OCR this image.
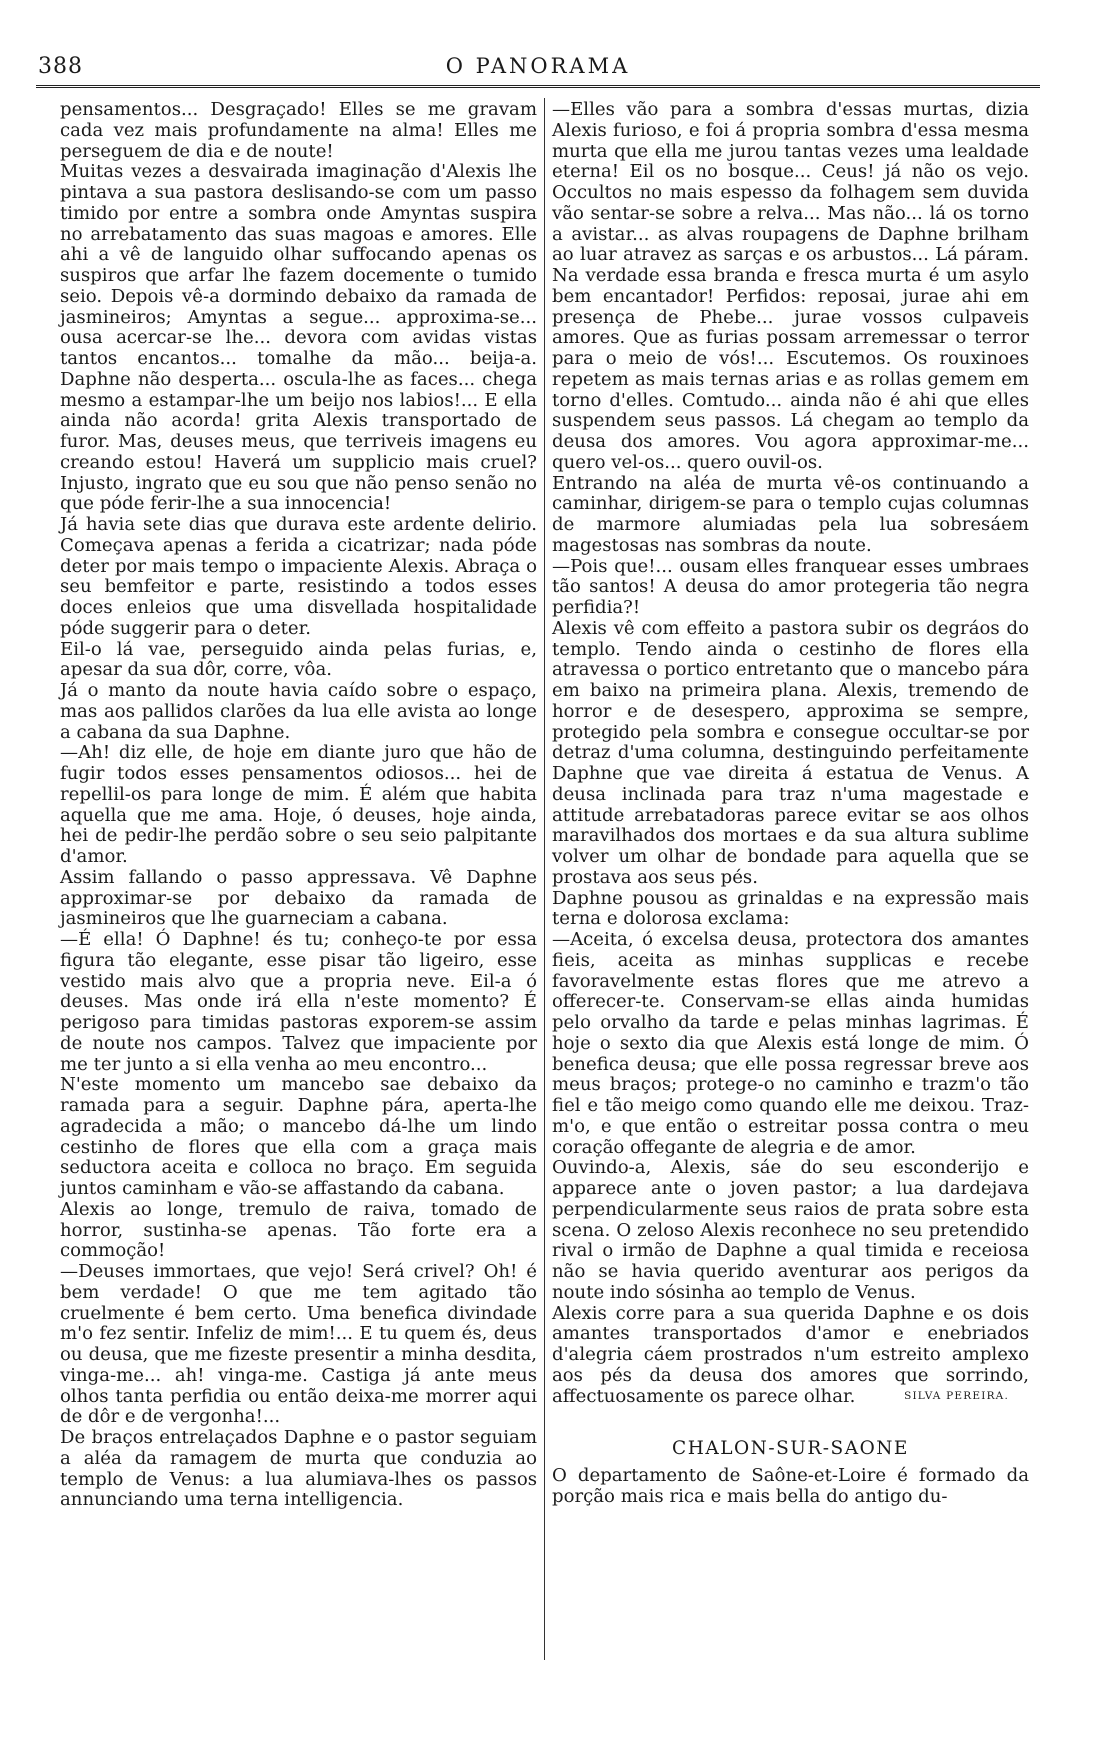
388	O PANORAMA

pensamentos... Desgraçado! Elles se me gravam cada vez mais profundamente na alma! Elles me perseguem de dia e de noute!

Muitas vezes a desvairada imaginação d'Alexis lhe pintava a sua pastora deslisando-se com um passo timido por entre a sombra onde Amyntas suspira no arrebatamento das suas magoas e amores. Elle ahi a vê de languido olhar suffocando apenas os suspiros que arfar lhe fazem docemente o tumido seio. Depois vê-a dormindo debaixo da ramada de jasmineiros; Amyntas a segue... approxima-se... ousa acercar-se lhe... devora com avidas vistas tantos encantos... tomalhe da mão... beija-a. Daphne não desperta... oscula-lhe as faces... chega mesmo a estampar-lhe um beijo nos labios!... E ella ainda não acorda! grita Alexis transportado de furor. Mas, deuses meus, que terriveis imagens eu creando estou! Haverá um supplicio mais cruel? Injusto, ingrato que eu sou que não penso senão no que póde ferir-lhe a sua innocencia!

Já havia sete dias que durava este ardente delirio. Começava apenas a ferida a cicatrizar; nada póde deter por mais tempo o impaciente Alexis. Abraça o seu bemfeitor e parte, resistindo a todos esses doces enleios que uma disvellada hospitalidade póde suggerir para o deter.

Eil-o lá vae, perseguido ainda pelas furias, e, apesar da sua dôr, corre, vôa.

Já o manto da noute havia caído sobre o espaço, mas aos pallidos clarões da lua elle avista ao longe a cabana da sua Daphne.

—Ah! diz elle, de hoje em diante juro que hão de fugir todos esses pensamentos odiosos... hei de repellil-os para longe de mim. É além que habita aquella que me ama. Hoje, ó deuses, hoje ainda, hei de pedir-lhe perdão sobre o seu seio palpitante d'amor.

Assim fallando o passo appressava. Vê Daphne approximar-se por debaixo da ramada de jasmineiros que lhe guarneciam a cabana.

—É ella! Ó Daphne! és tu; conheço-te por essa figura tão elegante, esse pisar tão ligeiro, esse vestido mais alvo que a propria neve. Eil-a ó deuses. Mas onde irá ella n'este momento? É perigoso para timidas pastoras exporem-se assim de noute nos campos. Talvez que impaciente por me ter junto a si ella venha ao meu encontro...

N'este momento um mancebo sae debaixo da ramada para a seguir. Daphne pára, aperta-lhe agradecida a mão; o mancebo dá-lhe um lindo cestinho de flores que ella com a graça mais seductora aceita e colloca no braço. Em seguida juntos caminham e vão-se affastando da cabana.

Alexis ao longe, tremulo de raiva, tomado de horror, sustinha-se apenas. Tão forte era a commoção!

—Deuses immortaes, que vejo! Será crivel? Oh! é bem verdade! O que me tem agitado tão cruelmente é bem certo. Uma benefica divindade m'o fez sentir. Infeliz de mim!... E tu quem és, deus ou deusa, que me fizeste presentir a minha desdita, vinga-me... ah! vinga-me. Castiga já ante meus olhos tanta perfidia ou então deixa-me morrer aqui de dôr e de vergonha!...

De braços entrelaçados Daphne e o pastor seguiam a aléa da ramagem de murta que conduzia ao templo de Venus: a lua alumiava-lhes os passos annunciando uma terna intelligencia.

—Elles vão para a sombra d'essas murtas, dizia Alexis furioso, e foi á propria sombra d'essa mesma murta que ella me jurou tantas vezes uma lealdade eterna! Eil os no bosque... Ceus! já não os vejo. Occultos no mais espesso da folhagem sem duvida vão sentar-se sobre a relva... Mas não... lá os torno a avistar... as alvas roupagens de Daphne brilham ao luar atravez as sarças e os arbustos... Lá páram. Na verdade essa branda e fresca murta é um asylo bem encantador! Perfidos: reposai, jurae ahi em presença de Phebe... jurae vossos culpaveis amores. Que as furias possam arremessar o terror para o meio de vós!... Escutemos. Os rouxinoes repetem as mais ternas arias e as rollas gemem em torno d'elles. Comtudo... ainda não é ahi que elles suspendem seus passos. Lá chegam ao templo da deusa dos amores. Vou agora approximar-me... quero vel-os... quero ouvil-os.

Entrando na aléa de murta vê-os continuando a caminhar, dirigem-se para o templo cujas columnas de marmore alumiadas pela lua sobresáem magestosas nas sombras da noute.

—Pois que!... ousam elles franquear esses umbraes tão santos! A deusa do amor protegeria tão negra perfidia?!

Alexis vê com effeito a pastora subir os degráos do templo. Tendo ainda o cestinho de flores ella atravessa o portico entretanto que o mancebo pára em baixo na primeira plana. Alexis, tremendo de horror e de desespero, approxima se sempre, protegido pela sombra e consegue occultar-se por detraz d'uma columna, destinguindo perfeitamente Daphne que vae direita á estatua de Venus. A deusa inclinada para traz n'uma magestade e attitude arrebatadoras parece evitar se aos olhos maravilhados dos mortaes e da sua altura sublime volver um olhar de bondade para aquella que se prostava aos seus pés.

Daphne pousou as grinaldas e na expressão mais terna e dolorosa exclama:

—Aceita, ó excelsa deusa, protectora dos amantes fieis, aceita as minhas supplicas e recebe favoravelmente estas flores que me atrevo a offerecer-te. Conservam-se ellas ainda humidas pelo orvalho da tarde e pelas minhas lagrimas. É hoje o sexto dia que Alexis está longe de mim. Ó benefica deusa; que elle possa regressar breve aos meus braços; protege-o no caminho e trazm'o tão fiel e tão meigo como quando elle me deixou. Traz-m'o, e que então o estreitar possa contra o meu coração offegante de alegria e de amor.

Ouvindo-a, Alexis, sáe do seu esconderijo e apparece ante o joven pastor; a lua dardejava perpendicularmente seus raios de prata sobre esta scena. O zeloso Alexis reconhece no seu pretendido rival o irmão de Daphne a qual timida e receiosa não se havia querido aventurar aos perigos da noute indo sósinha ao templo de Venus.

Alexis corre para a sua querida Daphne e os dois amantes transportados d'amor e enebriados d'alegria cáem prostrados n'um estreito amplexo aos pés da deusa dos amores que sorrindo, affectuosamente os parece olhar.	SILVA PEREIRA.

CHALON-SUR-SAONE

O departamento de Saône-et-Loire é formado da porção mais rica e mais bella do antigo du-
